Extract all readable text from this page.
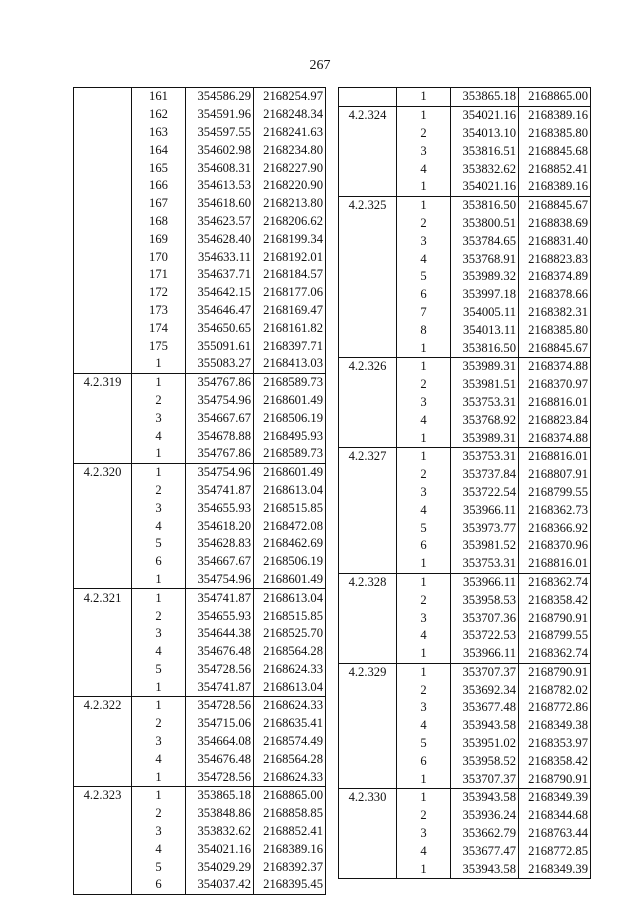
267
	161	354586.29	2168254.97
	162	354591.96	2168248.34
	163	354597.55	2168241.63
	164	354602.98	2168234.80
	165	354608.31	2168227.90
	166	354613.53	2168220.90
	167	354618.60	2168213.80
	168	354623.57	2168206.62
	169	354628.40	2168199.34
	170	354633.11	2168192.01
	171	354637.71	2168184.57
	172	354642.15	2168177.06
	173	354646.47	2168169.47
	174	354650.65	2168161.82
	175	355091.61	2168397.71
	1	355083.27	2168413.03
4.2.319	1	354767.86	2168589.73
	2	354754.96	2168601.49
	3	354667.67	2168506.19
	4	354678.88	2168495.93
	1	354767.86	2168589.73
4.2.320	1	354754.96	2168601.49
	2	354741.87	2168613.04
	3	354655.93	2168515.85
	4	354618.20	2168472.08
	5	354628.83	2168462.69
	6	354667.67	2168506.19
	1	354754.96	2168601.49
4.2.321	1	354741.87	2168613.04
	2	354655.93	2168515.85
	3	354644.38	2168525.70
	4	354676.48	2168564.28
	5	354728.56	2168624.33
	1	354741.87	2168613.04
4.2.322	1	354728.56	2168624.33
	2	354715.06	2168635.41
	3	354664.08	2168574.49
	4	354676.48	2168564.28
	1	354728.56	2168624.33
4.2.323	1	353865.18	2168865.00
	2	353848.86	2168858.85
	3	353832.62	2168852.41
	4	354021.16	2168389.16
	5	354029.29	2168392.37
	6	354037.42	2168395.45
	1	353865.18	2168865.00
4.2.324	1	354021.16	2168389.16
	2	354013.10	2168385.80
	3	353816.51	2168845.68
	4	353832.62	2168852.41
	1	354021.16	2168389.16
4.2.325	1	353816.50	2168845.67
	2	353800.51	2168838.69
	3	353784.65	2168831.40
	4	353768.91	2168823.83
	5	353989.32	2168374.89
	6	353997.18	2168378.66
	7	354005.11	2168382.31
	8	354013.11	2168385.80
	1	353816.50	2168845.67
4.2.326	1	353989.31	2168374.88
	2	353981.51	2168370.97
	3	353753.31	2168816.01
	4	353768.92	2168823.84
	1	353989.31	2168374.88
4.2.327	1	353753.31	2168816.01
	2	353737.84	2168807.91
	3	353722.54	2168799.55
	4	353966.11	2168362.73
	5	353973.77	2168366.92
	6	353981.52	2168370.96
	1	353753.31	2168816.01
4.2.328	1	353966.11	2168362.74
	2	353958.53	2168358.42
	3	353707.36	2168790.91
	4	353722.53	2168799.55
	1	353966.11	2168362.74
4.2.329	1	353707.37	2168790.91
	2	353692.34	2168782.02
	3	353677.48	2168772.86
	4	353943.58	2168349.38
	5	353951.02	2168353.97
	6	353958.52	2168358.42
	1	353707.37	2168790.91
4.2.330	1	353943.58	2168349.39
	2	353936.24	2168344.68
	3	353662.79	2168763.44
	4	353677.47	2168772.85
	1	353943.58	2168349.39
